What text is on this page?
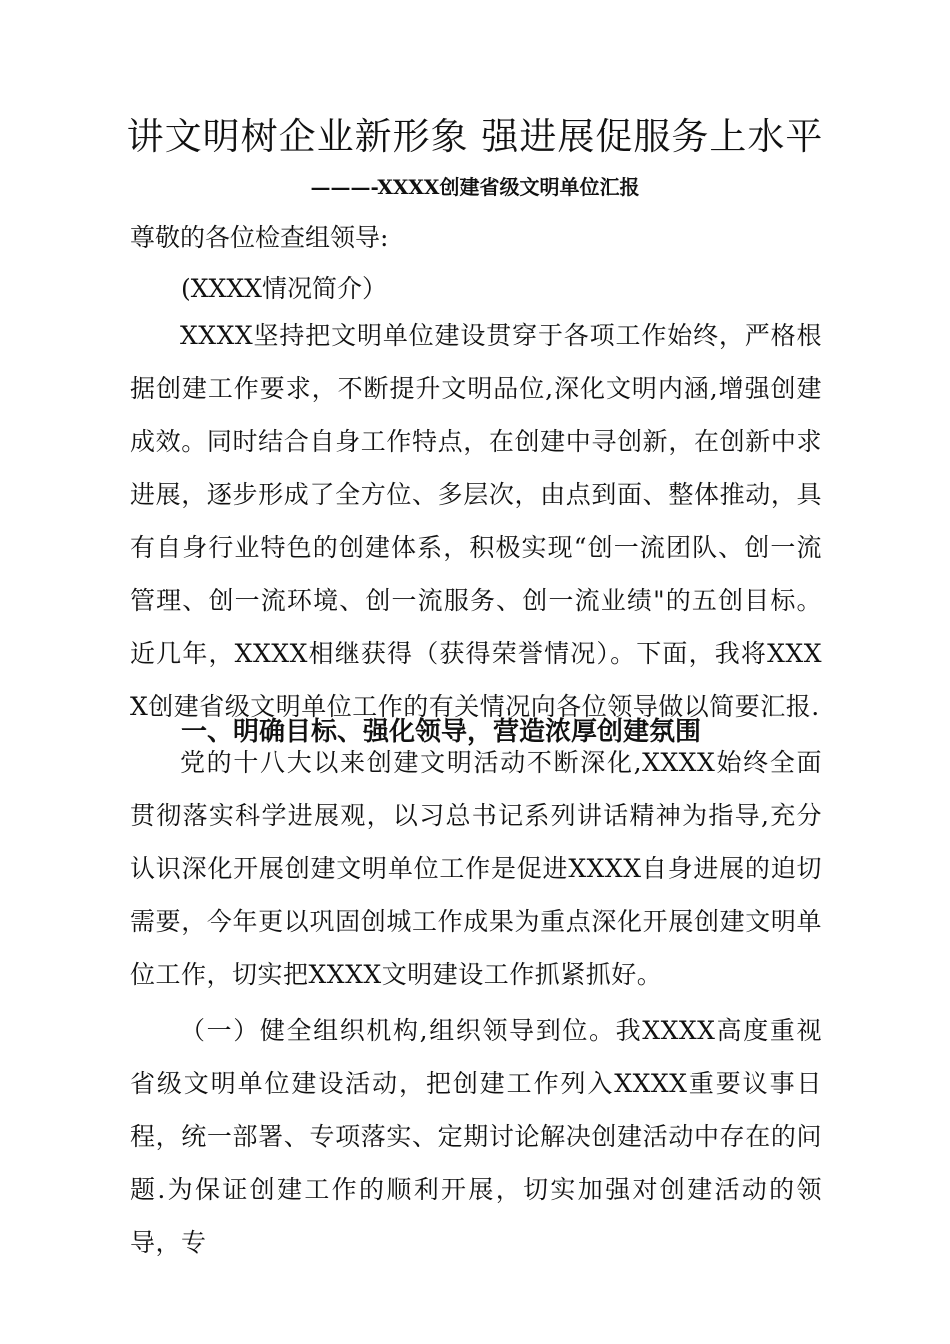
讲文明树企业新形象 强进展促服务上水平
———-XXXX创建省级文明单位汇报
尊敬的各位检查组领导:
(XXXX情况简介）

XXXX坚持把文明单位建设贯穿于各项工作始终，严格根据创建工作要求，不断提升文明品位,深化文明内涵,增强创建成效。同时结合自身工作特点，在创建中寻创新，在创新中求进展，逐步形成了全方位、多层次，由点到面、整体推动，具有自身行业特色的创建体系，积极实现“创一流团队、创一流管理、创一流环境、创一流服务、创一流业绩"的五创目标。近几年，XXXX相继获得（获得荣誉情况）。下面，我将XXXX创建省级文明单位工作的有关情况向各位领导做以简要汇报.

一、明确目标、强化领导，营造浓厚创建氛围

党的十八大以来创建文明活动不断深化,XXXX始终全面贯彻落实科学进展观，以习总书记系列讲话精神为指导,充分认识深化开展创建文明单位工作是促进XXXX自身进展的迫切需要，今年更以巩固创城工作成果为重点深化开展创建文明单位工作，切实把XXXX文明建设工作抓紧抓好。

（一）健全组织机构,组织领导到位。我XXXX高度重视省级文明单位建设活动，把创建工作列入XXXX重要议事日程，统一部署、专项落实、定期讨论解决创建活动中存在的问题.为保证创建工作的顺利开展，切实加强对创建活动的领导，专
